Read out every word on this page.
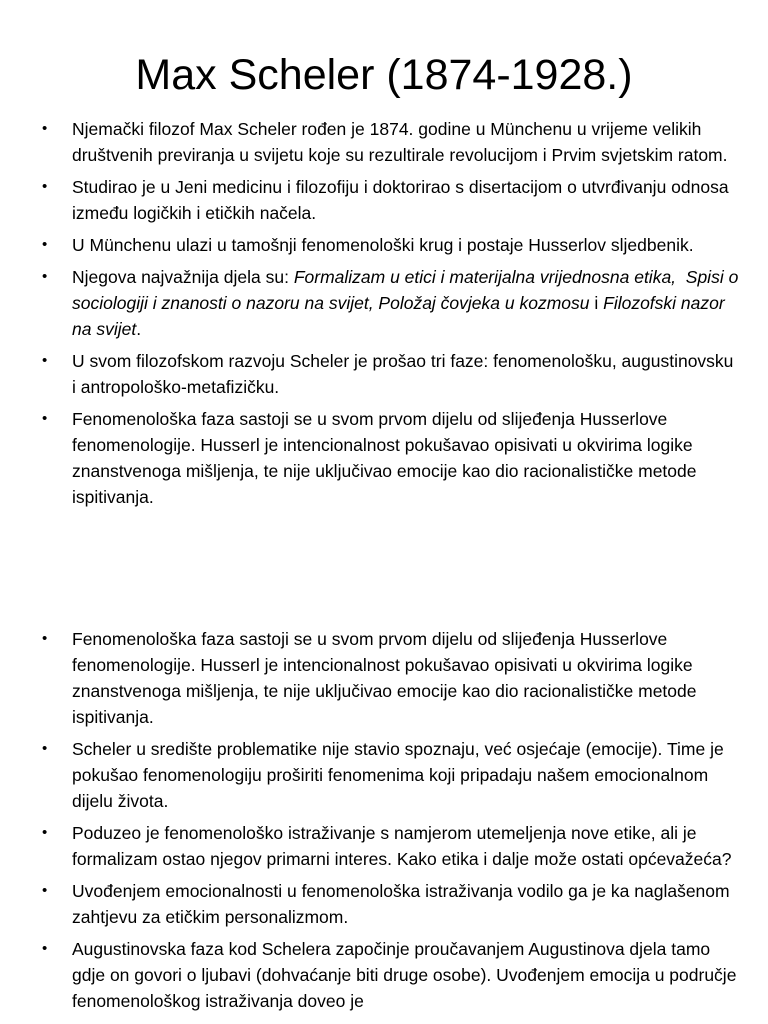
Max Scheler (1874-1928.)
• Njemački filozof Max Scheler rođen je 1874. godine u Münchenu u vrijeme velikih društvenih previranja u svijetu koje su rezultirale revolucijom i Prvim svjetskim ratom.
• Studirao je u Jeni medicinu i filozofiju i doktorirao s disertacijom o utvrđivanju odnosa između logičkih i etičkih načela.
• U Münchenu ulazi u tamošnji fenomenološki krug i postaje Husserlov sljedbenik.
• Njegova najvažnija djela su: Formalizam u etici i materijalna vrijednosna etika, Spisi o sociologiji i znanosti o nazoru na svijet, Položaj čovjeka u kozmosu i Filozofski nazor na svijet.
• U svom filozofskom razvoju Scheler je prošao tri faze: fenomenološku, augustinovsku i antropološko-metafizičku.
• Fenomenološka faza sastoji se u svom prvom dijelu od slijeđenja Husserlove fenomenologije. Husserl je intencionalnost pokušavao opisivati u okvirima logike znanstvenoga mišljenja, te nije uključivao emocije kao dio racionalističke metode ispitivanja.
• Fenomenološka faza sastoji se u svom prvom dijelu od slijeđenja Husserlove fenomenologije. Husserl je intencionalnost pokušavao opisivati u okvirima logike znanstvenoga mišljenja, te nije uključivao emocije kao dio racionalističke metode ispitivanja.
• Scheler u središte problematike nije stavio spoznaju, već osjećaje (emocije). Time je pokušao fenomenologiju proširiti fenomenima koji pripadaju našem emocionalnom dijelu života.
• Poduzeo je fenomenološko istraživanje s namjerom utemeljenja nove etike, ali je formalizam ostao njegov primarni interes. Kako etika i dalje može ostati općevažeća?
• Uvođenjem emocionalnosti u fenomenološka istraživanja vodilo ga je ka naglašenom zahtjevu za etičkim personalizmom.
• Augustinovska faza kod Schelera započinje proučavanjem Augustinova djela tamo gdje on govori o ljubavi (dohvaćanje biti druge osobe). Uvođenjem emocija u područje fenomenološkog istraživanja doveo je
